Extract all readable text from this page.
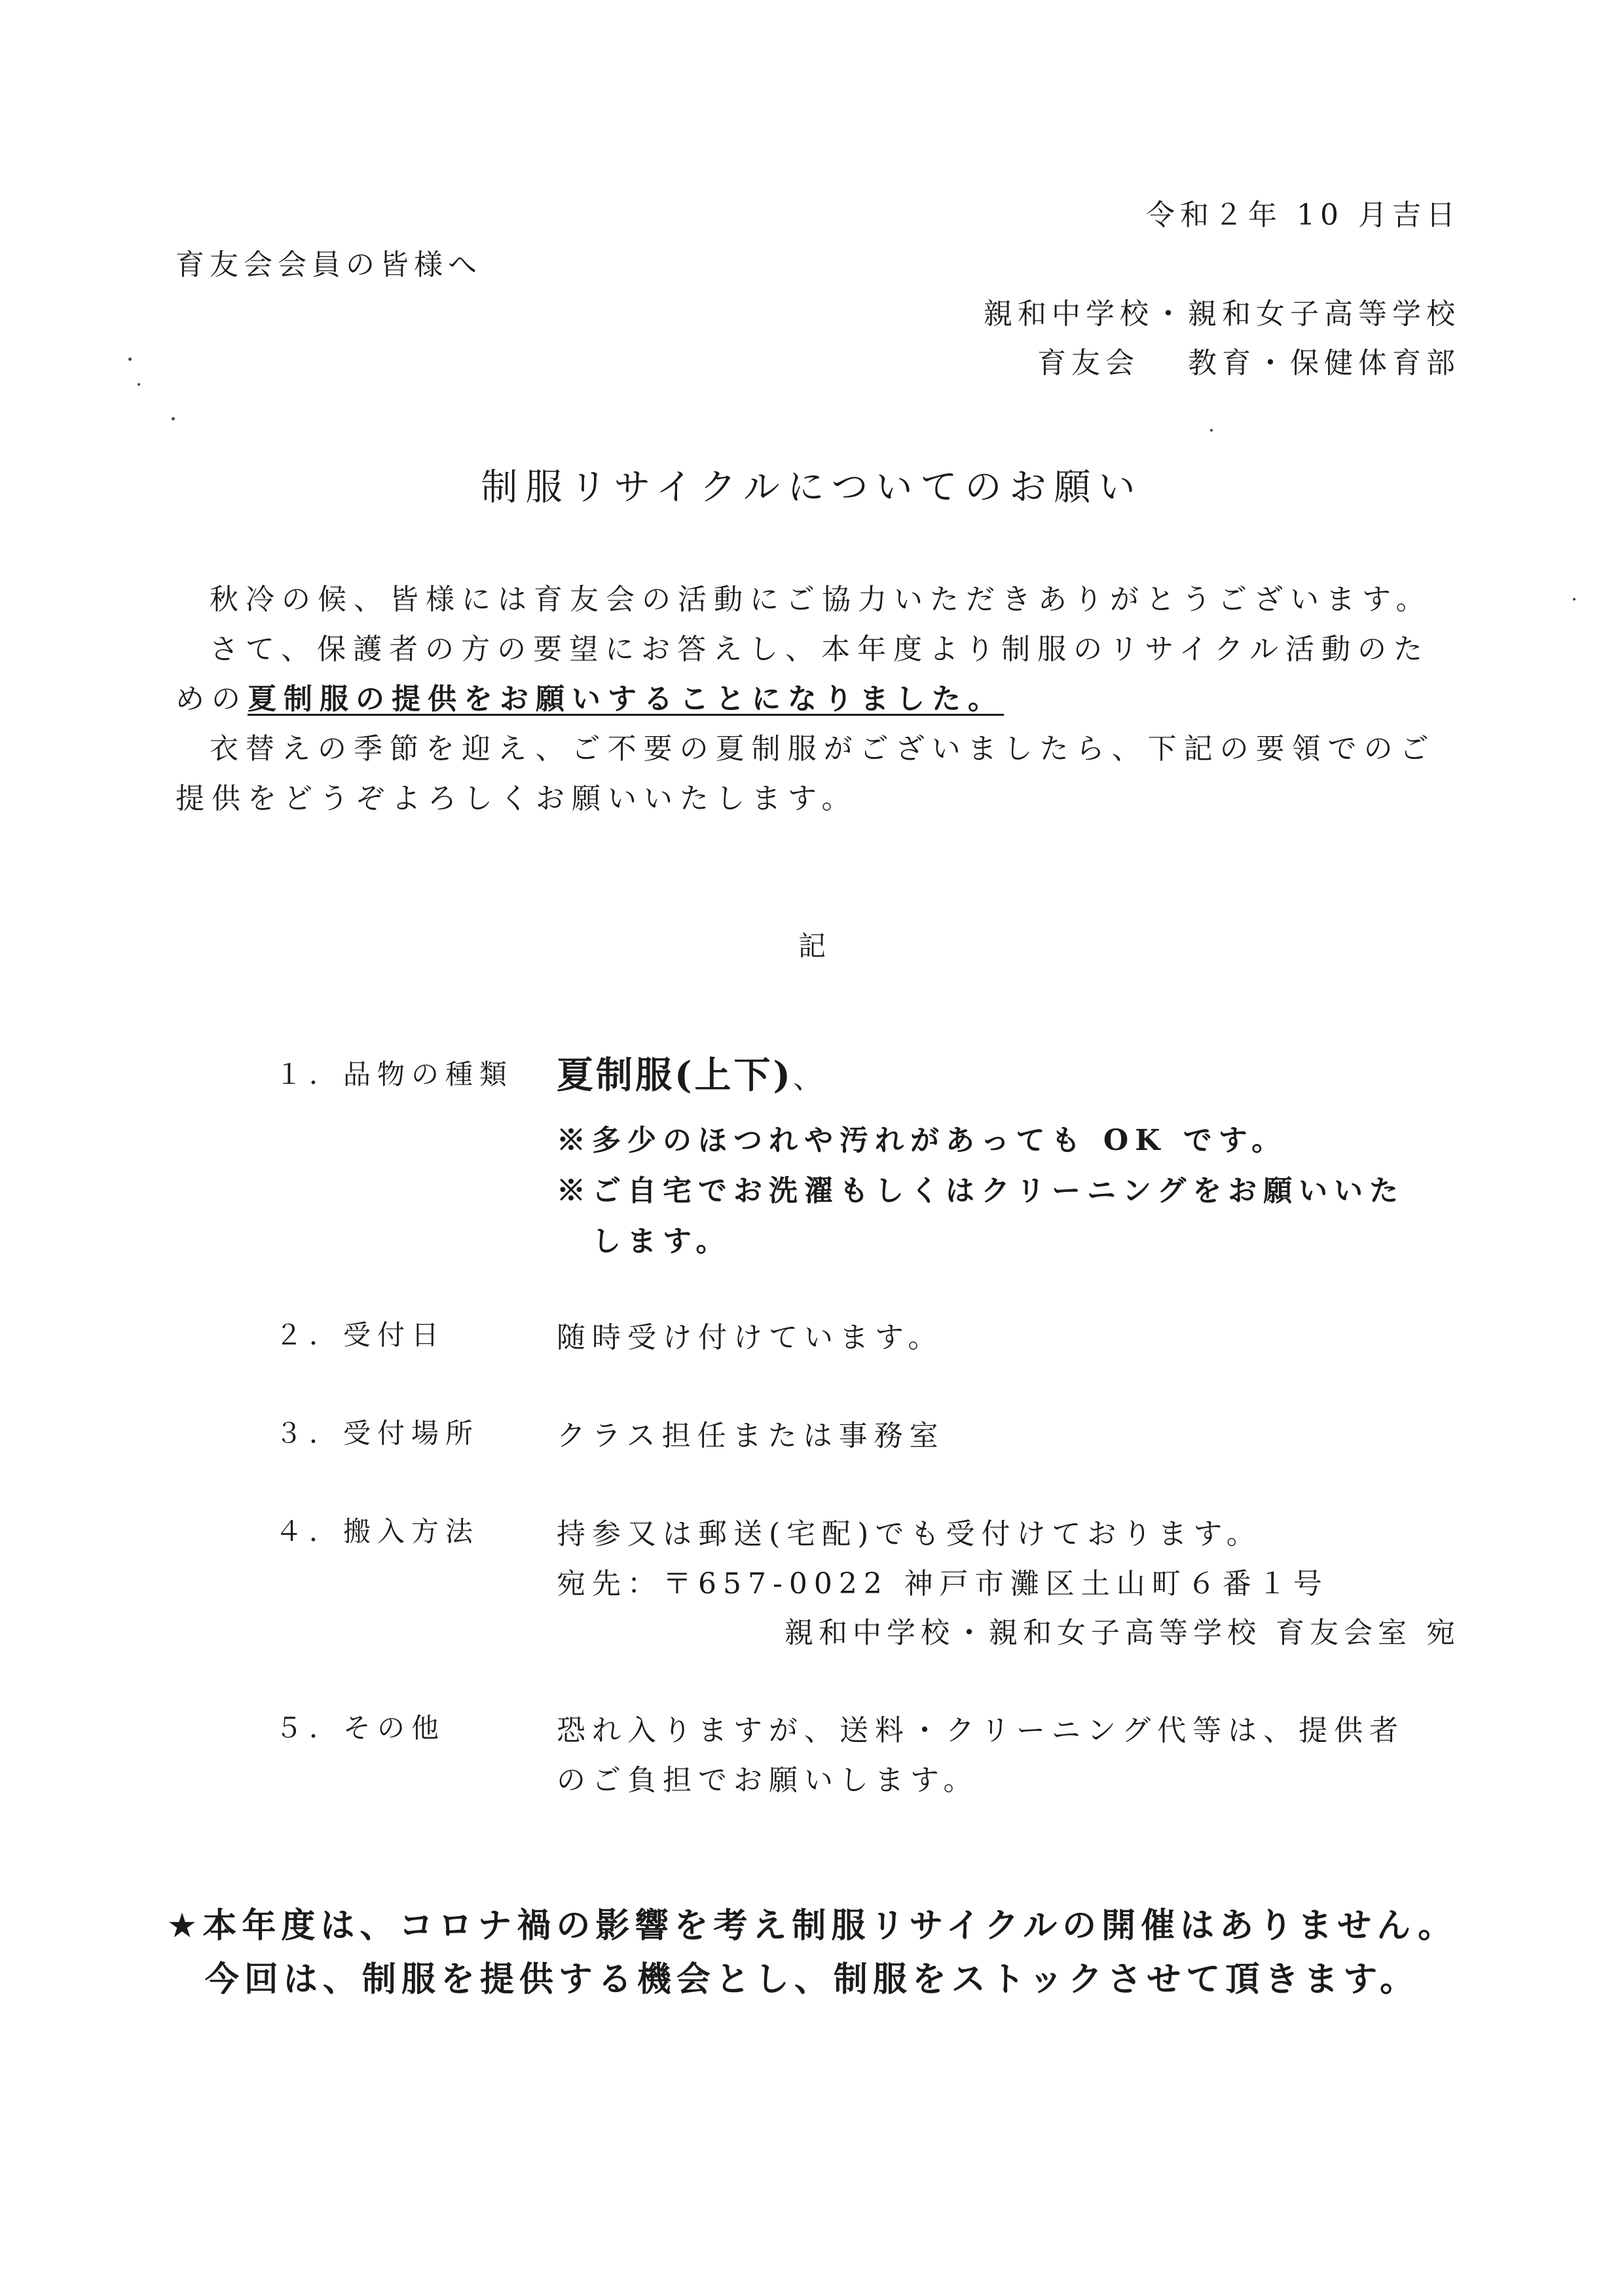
令和２年 10 月吉日
育友会会員の皆様へ
親和中学校・親和女子高等学校
育友会　 教育・保健体育部
制服リサイクルについてのお願い

秋冷の候、皆様には育友会の活動にご協力いただきありがとうございます。

さて、保護者の方の要望にお答えし、本年度より制服のリサイクル活動のための夏制服の提供をお願いすることになりました。

衣替えの季節を迎え、ご不要の夏制服がございましたら、下記の要領でのご提供をどうぞよろしくお願いいたします。

記
１．品物の種類 夏制服(上下)、
※多少のほつれや汚れがあっても OK です。
※ご自宅でお洗濯もしくはクリーニングをお願いいた
　します。
２．受付日	随時受け付けています。
３．受付場所	クラス担任または事務室
４．搬入方法	持参又は郵送(宅配)でも受付けております。
宛先：〒657-0022 神戸市灘区土山町６番１号
親和中学校・親和女子高等学校 育友会室 宛
５．その他	恐れ入りますが、送料・クリーニング代等は、提供者
のご負担でお願いします。
★本年度は、コロナ禍の影響を考え制服リサイクルの開催はありません。
今回は、制服を提供する機会とし、制服をストックさせて頂きます。
